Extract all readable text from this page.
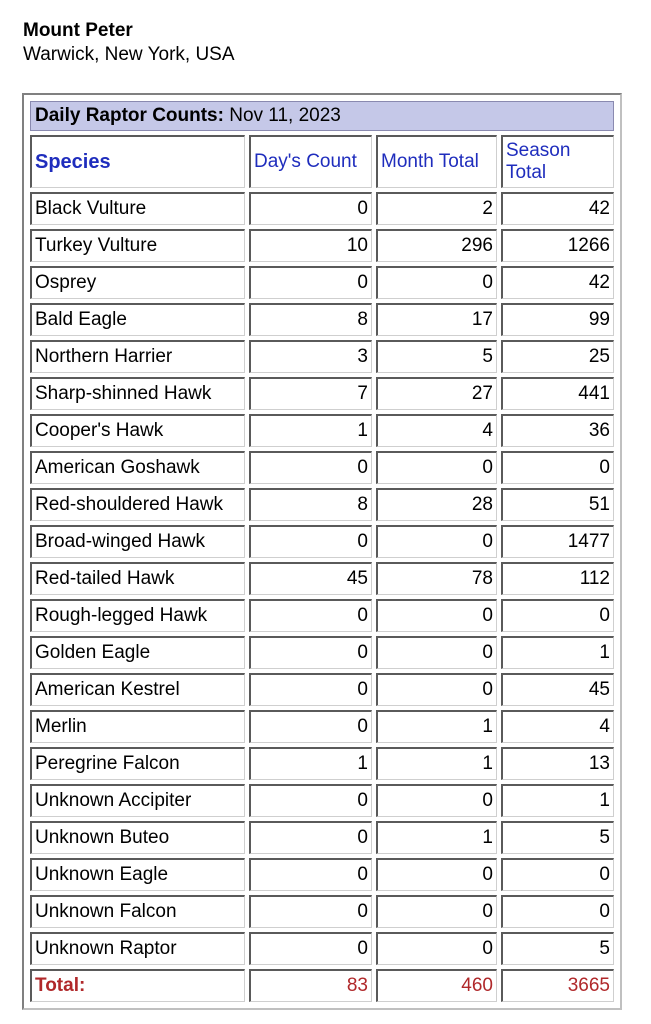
Mount Peter
Warwick, New York, USA
Daily Raptor Counts: Nov 11, 2023			
Species	Day's Count	Month Total	Season Total
Black Vulture	0	2	42
Turkey Vulture	10	296	1266
Osprey	0	0	42
Bald Eagle	8	17	99
Northern Harrier	3	5	25
Sharp-shinned Hawk	7	27	441
Cooper's Hawk	1	4	36
American Goshawk	0	0	0
Red-shouldered Hawk	8	28	51
Broad-winged Hawk	0	0	1477
Red-tailed Hawk	45	78	112
Rough-legged Hawk	0	0	0
Golden Eagle	0	0	1
American Kestrel	0	0	45
Merlin	0	1	4
Peregrine Falcon	1	1	13
Unknown Accipiter	0	0	1
Unknown Buteo	0	1	5
Unknown Eagle	0	0	0
Unknown Falcon	0	0	0
Unknown Raptor	0	0	5
Total:	83	460	3665
